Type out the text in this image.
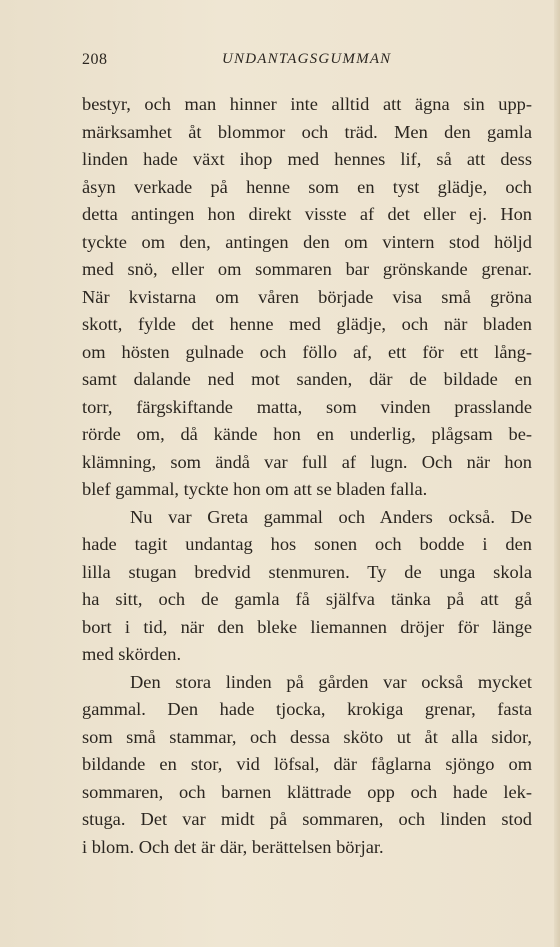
208	UNDANTAGSGUMMAN
bestyr, och man hinner inte alltid att ägna sin upp-
märksamhet åt blommor och träd. Men den gamla
linden hade växt ihop med hennes lif, så att dess
åsyn verkade på henne som en tyst glädje, och
detta antingen hon direkt visste af det eller ej. Hon
tyckte om den, antingen den om vintern stod höljd
med snö, eller om sommaren bar grönskande grenar.
När kvistarna om våren började visa små gröna
skott, fylde det henne med glädje, och när bladen
om hösten gulnade och föllo af, ett för ett lång-
samt dalande ned mot sanden, där de bildade en
torr, färgskiftande matta, som vinden prasslande
rörde om, då kände hon en underlig, plågsam be-
klämning, som ändå var full af lugn. Och när hon
blef gammal, tyckte hon om att se bladen falla.
Nu var Greta gammal och Anders också. De
hade tagit undantag hos sonen och bodde i den
lilla stugan bredvid stenmuren. Ty de unga skola
ha sitt, och de gamla få själfva tänka på att gå
bort i tid, när den bleke liemannen dröjer för länge
med skörden.
Den stora linden på gården var också mycket
gammal. Den hade tjocka, krokiga grenar, fasta
som små stammar, och dessa sköto ut åt alla sidor,
bildande en stor, vid löfsal, där fåglarna sjöngo om
sommaren, och barnen klättrade opp och hade lek-
stuga. Det var midt på sommaren, och linden stod
i blom. Och det är där, berättelsen börjar.
